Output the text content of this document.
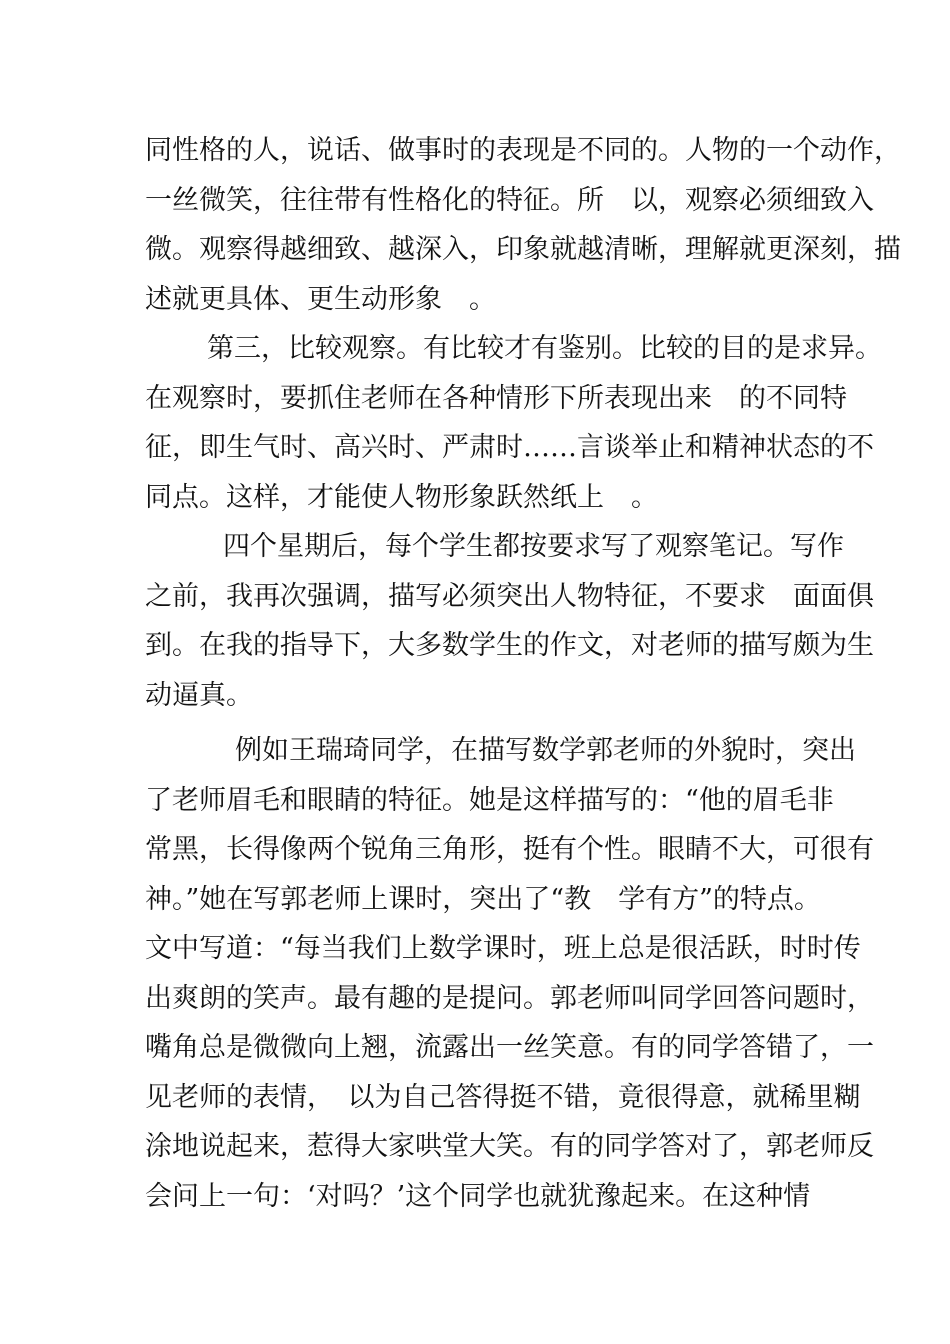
同性格的人，说话、做事时的表现是不同的。人物的一个动作，
一丝微笑，往往带有性格化的特征。所　以，观察必须细致入
微。观察得越细致、越深入，印象就越清晰，理解就更深刻，描
述就更具体、更生动形象　。
第三，比较观察。有比较才有鉴别。比较的目的是求异。
在观察时，要抓住老师在各种情形下所表现出来　的不同特
征，即生气时、高兴时、严肃时……言谈举止和精神状态的不
同点。这样，才能使人物形象跃然纸上　。
四个星期后，每个学生都按要求写了观察笔记。写作
之前，我再次强调，描写必须突出人物特征，不要求　面面俱
到。在我的指导下，大多数学生的作文，对老师的描写颇为生
动逼真。
例如王瑞琦同学，在描写数学郭老师的外貌时，突出
了老师眉毛和眼睛的特征。她是这样描写的：“他的眉毛非
常黑，长得像两个锐角三角形，挺有个性。眼睛不大，可很有
神。”她在写郭老师上课时，突出了“教　学有方”的特点。
文中写道：“每当我们上数学课时，班上总是很活跃，时时传
出爽朗的笑声。最有趣的是提问。郭老师叫同学回答问题时，
嘴角总是微微向上翘，流露出一丝笑意。有的同学答错了，一
见老师的表情，　以为自己答得挺不错，竟很得意，就稀里糊
涂地说起来，惹得大家哄堂大笑。有的同学答对了，郭老师反
会问上一句：‘对吗？’这个同学也就犹豫起来。在这种情
